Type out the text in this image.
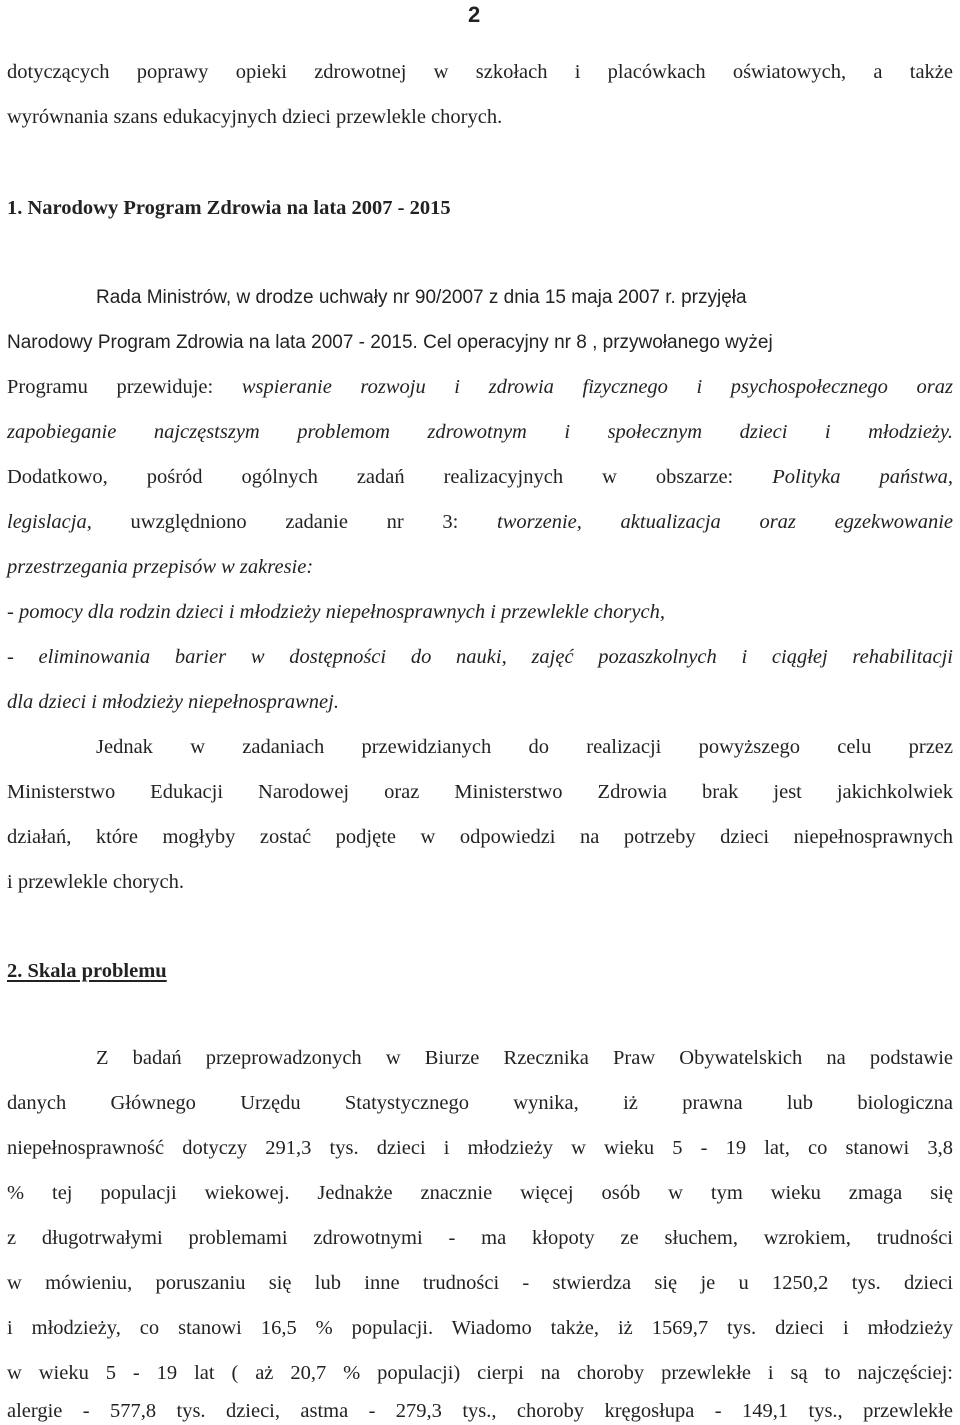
2
dotyczących poprawy opieki zdrowotnej w szkołach i placówkach oświatowych, a także
wyrównania szans edukacyjnych dzieci przewlekle chorych.
1. Narodowy Program Zdrowia na lata 2007 - 2015
Rada Ministrów, w drodze uchwały nr 90/2007 z dnia 15 maja 2007 r. przyjęła
Narodowy Program Zdrowia na lata 2007 - 2015. Cel operacyjny nr 8 , przywołanego wyżej
Programu przewiduje: wspieranie rozwoju i zdrowia fizycznego i psychospołecznego oraz
zapobieganie najczęstszym problemom zdrowotnym i społecznym dzieci i młodzieży.
Dodatkowo, pośród ogólnych zadań realizacyjnych w obszarze: Polityka państwa,
legislacja, uwzględniono zadanie nr 3: tworzenie, aktualizacja oraz egzekwowanie
przestrzegania przepisów w zakresie:
- pomocy dla rodzin dzieci i młodzieży niepełnosprawnych i przewlekle chorych,
- eliminowania barier w dostępności do nauki, zajęć pozaszkolnych i ciągłej rehabilitacji
dla dzieci i młodzieży niepełnosprawnej.
Jednak w zadaniach przewidzianych do realizacji powyższego celu przez
Ministerstwo Edukacji Narodowej oraz Ministerstwo Zdrowia brak jest jakichkolwiek
działań, które mogłyby zostać podjęte w odpowiedzi na potrzeby dzieci niepełnosprawnych
i przewlekle chorych.
2. Skala problemu
Z badań przeprowadzonych w Biurze Rzecznika Praw Obywatelskich na podstawie
danych Głównego Urzędu Statystycznego wynika, iż prawna lub biologiczna
niepełnosprawność dotyczy 291,3 tys. dzieci i młodzieży w wieku 5 - 19 lat, co stanowi 3,8
% tej populacji wiekowej. Jednakże znacznie więcej osób w tym wieku zmaga się
z długotrwałymi problemami zdrowotnymi - ma kłopoty ze słuchem, wzrokiem, trudności
w mówieniu, poruszaniu się lub inne trudności - stwierdza się je u 1250,2 tys. dzieci
i młodzieży, co stanowi 16,5 % populacji. Wiadomo także, iż 1569,7 tys. dzieci i młodzieży
w wieku 5 - 19 lat ( aż 20,7 % populacji) cierpi na choroby przewlekłe i są to najczęściej:
alergie - 577,8 tys. dzieci, astma - 279,3 tys., choroby kręgosłupa - 149,1 tys., przewlekłe
